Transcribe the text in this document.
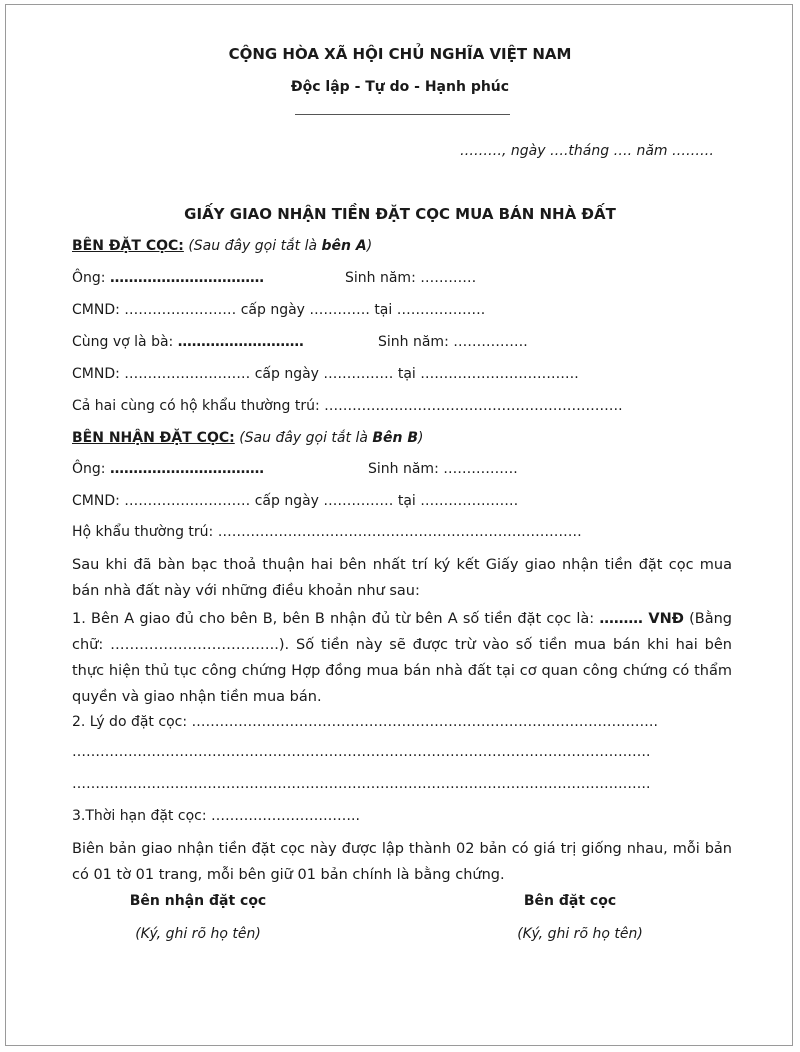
CỘNG HÒA XÃ HỘI CHỦ NGHĨA VIỆT NAM
Độc lập - Tự do - Hạnh phúc
………, ngày ….tháng …. năm ………
GIẤY GIAO NHẬN TIỀN ĐẶT CỌC MUA BÁN NHÀ ĐẤT
BÊN ĐẶT CỌC: (Sau đây gọi tắt là bên A)
Ông: ……………………………	Sinh năm: …………
CMND: …………………… cấp ngày …………. tại ……………….
Cùng vợ là bà: ………………………	Sinh năm: …………….
CMND: ……………………… cấp ngày …………… tại …………………………….
Cả hai cùng có hộ khẩu thường trú: ……………………………………………………….
BÊN NHẬN ĐẶT CỌC: (Sau đây gọi tắt là Bên B)
Ông: ……………………………	Sinh năm: …………….
CMND: ……………………… cấp ngày …………… tại …………………
Hộ khẩu thường trú: ……………………………………………………………………
Sau khi đã bàn bạc thoả thuận hai bên nhất trí ký kết Giấy giao nhận tiền đặt cọc mua bán nhà đất này với những điều khoản như sau:
1. Bên A giao đủ cho bên B, bên B nhận đủ từ bên A số tiền đặt cọc là: ……… VNĐ (Bằng chữ: ……………………………..). Số tiền này sẽ được trừ vào số tiền mua bán khi hai bên thực hiện thủ tục công chứng Hợp đồng mua bán nhà đất tại cơ quan công chứng có thẩm quyền và giao nhận tiền mua bán.
2. Lý do đặt cọc: ……………………………………………………………………………………….
…………………………………………………………………………………………………………….
…………………………………………………………………………………………………………….
3.Thời hạn đặt cọc: …………………………..
Biên bản giao nhận tiền đặt cọc này được lập thành 02 bản có giá trị giống nhau, mỗi bản có 01 tờ 01 trang, mỗi bên giữ 01 bản chính là bằng chứng.
Bên nhận đặt cọc
(Ký, ghi rõ họ tên)
Bên đặt cọc
(Ký, ghi rõ họ tên)
